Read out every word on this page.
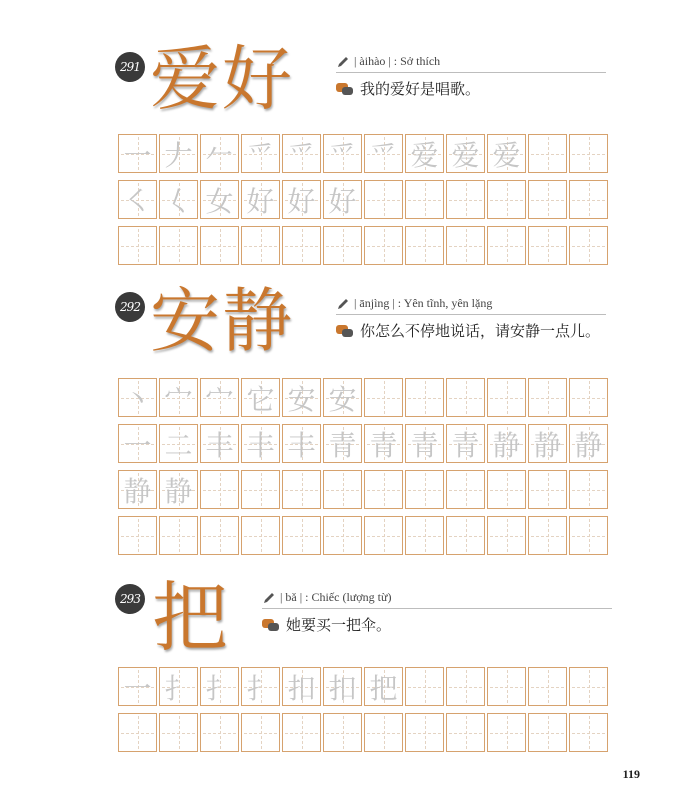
291 爱好	| àihào | : Sở thích
我的爱好是唱歌。
一 𠂇 𠂉 爫 爫 爫 爫 爱 爱 爱
㇛ 𡿨 女 好 好 好
292 安静	| ānjìng | : Yên tĩnh, yên lặng
你怎么不停地说话，请安静一点儿。
丶 宀 宀 它 安 安
一 二 丰 丰 丰 青 青 青 青 静 静 静
静 静
293 把	| bǎ | : Chiếc (lượng từ)
她要买一把伞。
一 扌 扌 扌 扣 扣 把
119
